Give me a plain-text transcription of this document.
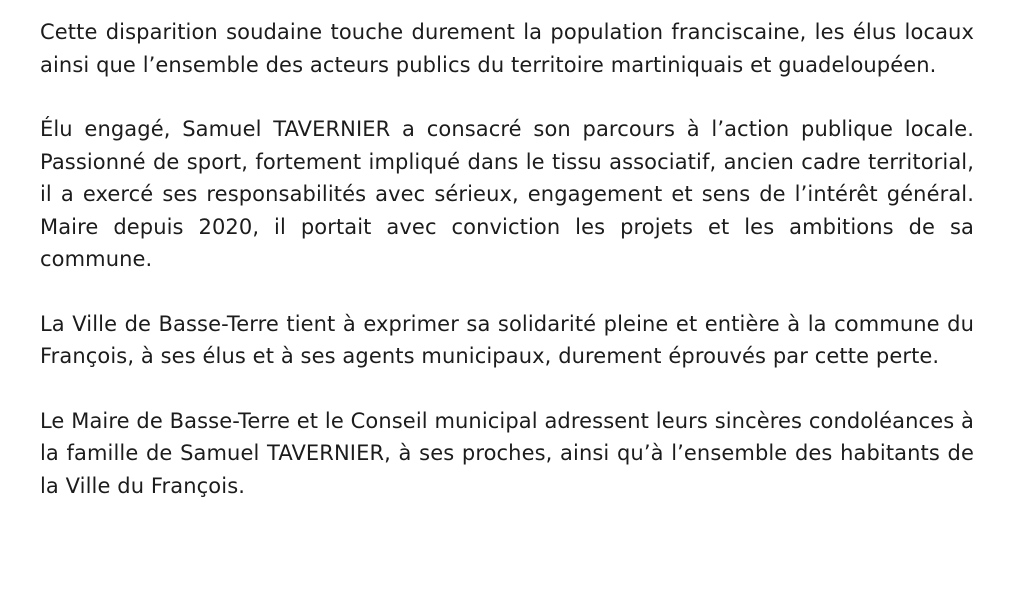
Cette disparition soudaine touche durement la population franciscaine, les élus locaux ainsi que l’ensemble des acteurs publics du territoire martiniquais et guadeloupéen.

Élu engagé, Samuel TAVERNIER a consacré son parcours à l’action publique locale. Passionné de sport, fortement impliqué dans le tissu associatif, ancien cadre territorial, il a exercé ses responsabilités avec sérieux, engagement et sens de l’intérêt général. Maire depuis 2020, il portait avec conviction les projets et les ambitions de sa commune.

La Ville de Basse-Terre tient à exprimer sa solidarité pleine et entière à la commune du François, à ses élus et à ses agents municipaux, durement éprouvés par cette perte.

Le Maire de Basse-Terre et le Conseil municipal adressent leurs sincères condoléances à la famille de Samuel TAVERNIER, à ses proches, ainsi qu’à l’ensemble des habitants de la Ville du François.
